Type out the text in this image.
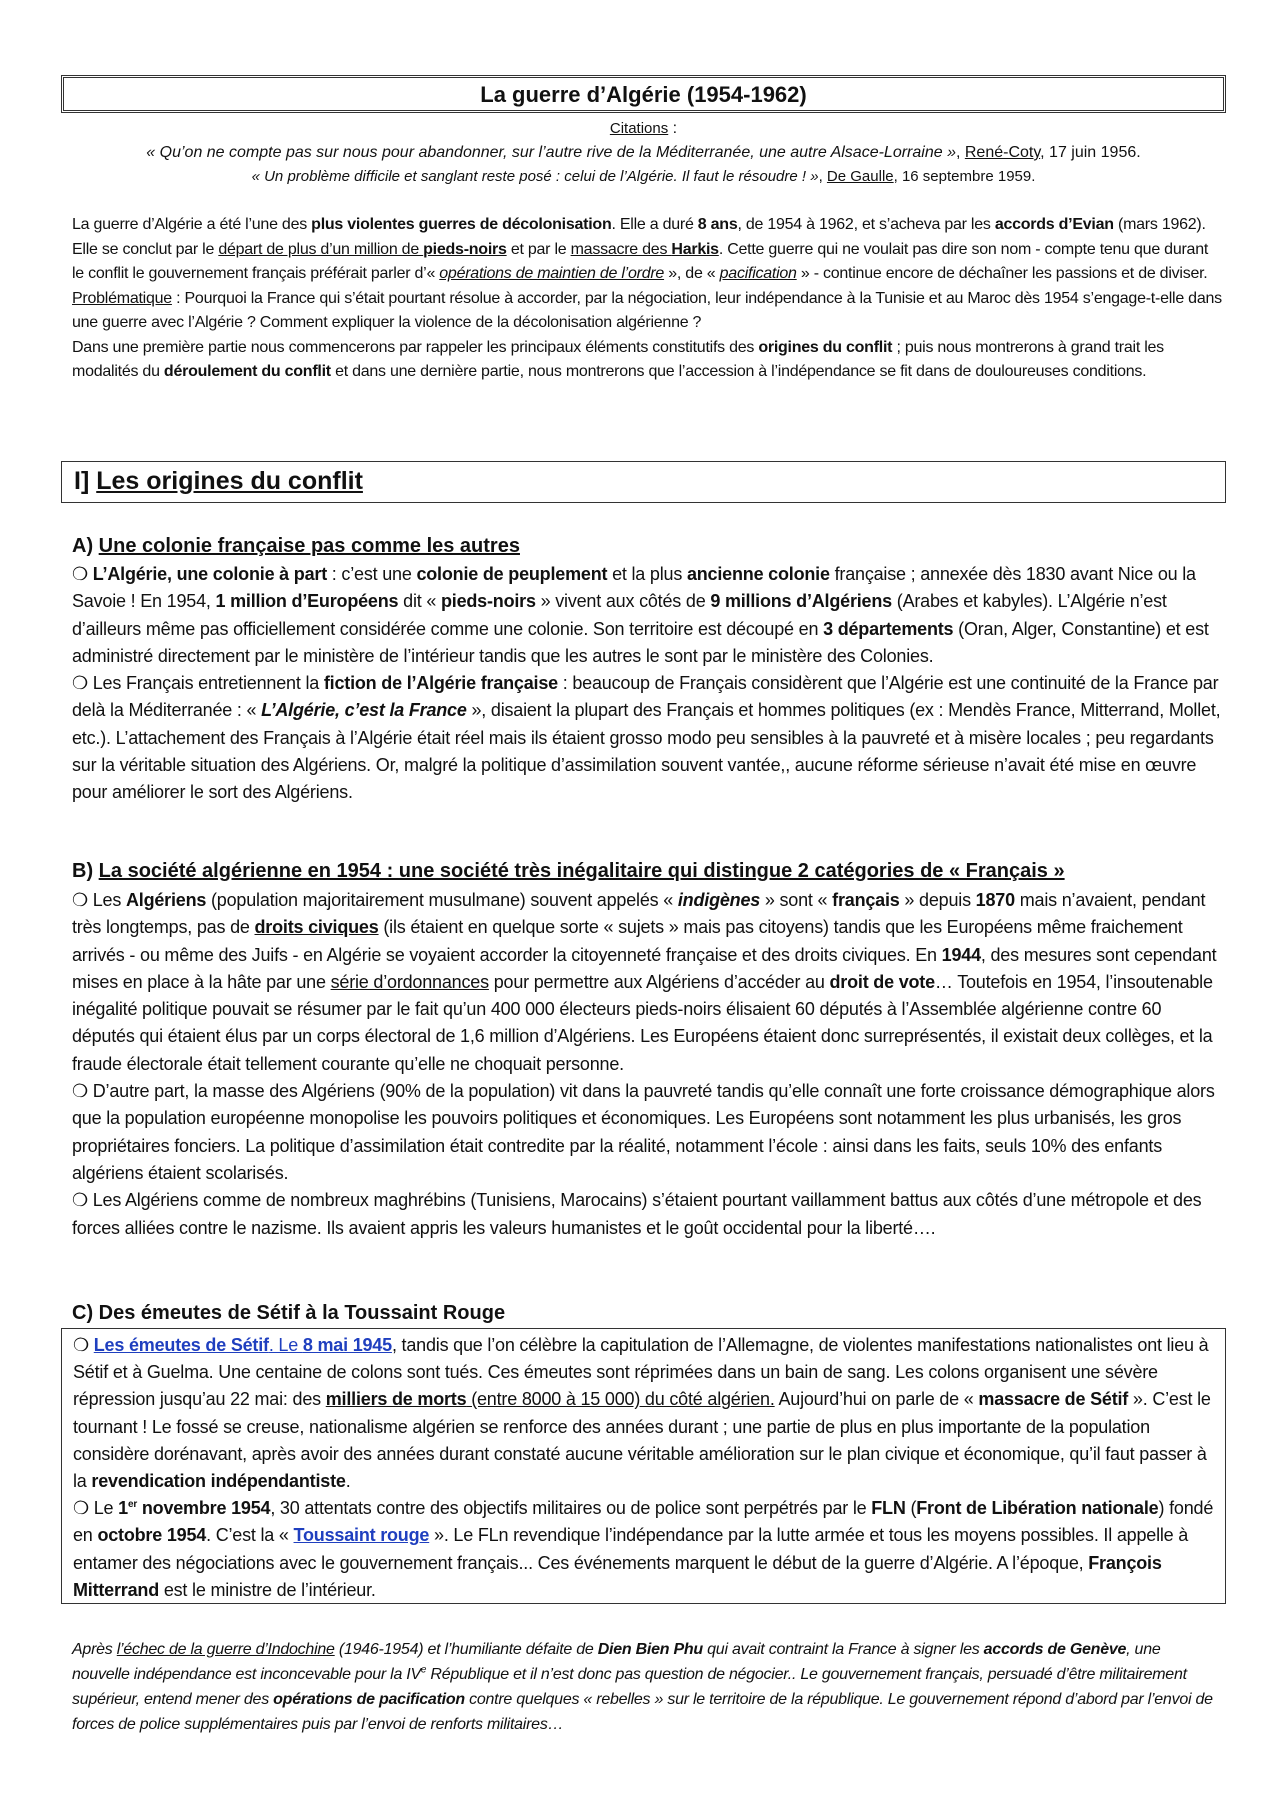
La guerre d’Algérie (1954-1962)
Citations :
« Qu’on ne compte pas sur nous pour abandonner, sur l’autre rive de la Méditerranée, une autre Alsace-Lorraine », René-Coty, 17 juin 1956.
« Un problème difficile et sanglant reste posé : celui de l’Algérie. Il faut le résoudre ! », De Gaulle, 16 septembre 1959.

La guerre d’Algérie a été l’une des plus violentes guerres de décolonisation. Elle a duré 8 ans, de 1954 à 1962, et s’acheva par les accords d’Evian (mars 1962). Elle se conclut par le départ de plus d’un million de pieds-noirs et par le massacre des Harkis. Cette guerre qui ne voulait pas dire son nom - compte tenu que durant le conflit le gouvernement français préférait parler d’« opérations de maintien de l’ordre », de « pacification » - continue encore de déchaîner les passions et de diviser.

Problématique : Pourquoi la France qui s’était pourtant résolue à accorder, par la négociation, leur indépendance à la Tunisie et au Maroc dès 1954 s’engage-t-elle dans une guerre avec l’Algérie ? Comment expliquer la violence de la décolonisation algérienne ?

Dans une première partie nous commencerons par rappeler les principaux éléments constitutifs des origines du conflit ; puis nous montrerons à grand trait les modalités du déroulement du conflit et dans une dernière partie, nous montrerons que l’accession à l’indépendance se fit dans de douloureuses conditions.

I] Les origines du conflit
A) Une colonie française pas comme les autres

❍ L’Algérie, une colonie à part : c’est une colonie de peuplement et la plus ancienne colonie française ; annexée dès 1830 avant Nice ou la Savoie ! En 1954, 1 million d’Européens dit « pieds-noirs » vivent aux côtés de 9 millions d’Algériens (Arabes et kabyles). L’Algérie n’est d’ailleurs même pas officiellement considérée comme une colonie. Son territoire est découpé en 3 départements (Oran, Alger, Constantine) et est administré directement par le ministère de l’intérieur tandis que les autres le sont par le ministère des Colonies.

❍ Les Français entretiennent la fiction de l’Algérie française : beaucoup de Français considèrent que l’Algérie est une continuité de la France par delà la Méditerranée : « L’Algérie, c’est la France », disaient la plupart des Français et hommes politiques (ex : Mendès France, Mitterrand, Mollet, etc.). L’attachement des Français à l’Algérie était réel mais ils étaient grosso modo peu sensibles à la pauvreté et à misère locales ; peu regardants sur la véritable situation des Algériens. Or, malgré la politique d’assimilation souvent vantée,, aucune réforme sérieuse n’avait été mise en œuvre pour améliorer le sort des Algériens.

B) La société algérienne en 1954 : une société très inégalitaire qui distingue 2 catégories de « Français »

❍ Les Algériens (population majoritairement musulmane) souvent appelés « indigènes » sont « français » depuis 1870 mais n’avaient, pendant très longtemps, pas de droits civiques (ils étaient en quelque sorte « sujets » mais pas citoyens) tandis que les Européens même fraichement arrivés - ou même des Juifs - en Algérie se voyaient accorder la citoyenneté française et des droits civiques. En 1944, des mesures sont cependant mises en place à la hâte par une série d’ordonnances pour permettre aux Algériens d’accéder au droit de vote… Toutefois en 1954, l’insoutenable inégalité politique pouvait se résumer par le fait qu’un 400 000 électeurs pieds-noirs élisaient 60 députés à l’Assemblée algérienne contre 60 députés qui étaient élus par un corps électoral de 1,6 million d’Algériens. Les Européens étaient donc surreprésentés, il existait deux collèges, et la fraude électorale était tellement courante qu’elle ne choquait personne.

❍ D’autre part, la masse des Algériens (90% de la population) vit dans la pauvreté tandis qu’elle connaît une forte croissance démographique alors que la population européenne monopolise les pouvoirs politiques et économiques. Les Européens sont notamment les plus urbanisés, les gros propriétaires fonciers. La politique d’assimilation était contredite par la réalité, notamment l’école : ainsi dans les faits, seuls 10% des enfants algériens étaient scolarisés.

❍ Les Algériens comme de nombreux maghrébins (Tunisiens, Marocains) s’étaient pourtant vaillamment battus aux côtés d’une métropole et des forces alliées contre le nazisme. Ils avaient appris les valeurs humanistes et le goût occidental pour la liberté….

C) Des émeutes de Sétif à la Toussaint Rouge

❍ Les émeutes de Sétif. Le 8 mai 1945, tandis que l’on célèbre la capitulation de l’Allemagne, de violentes manifestations nationalistes ont lieu à Sétif et à Guelma. Une centaine de colons sont tués. Ces émeutes sont réprimées dans un bain de sang. Les colons organisent une sévère répression jusqu’au 22 mai: des milliers de morts (entre 8000 à 15 000) du côté algérien. Aujourd’hui on parle de « massacre de Sétif ». C’est le tournant ! Le fossé se creuse, nationalisme algérien se renforce des années durant ; une partie de plus en plus importante de la population considère dorénavant, après avoir des années durant constaté aucune véritable amélioration sur le plan civique et économique, qu’il faut passer à la revendication indépendantiste.

❍ Le 1er novembre 1954, 30 attentats contre des objectifs militaires ou de police sont perpétrés par le FLN (Front de Libération nationale) fondé en octobre 1954. C’est la « Toussaint rouge ». Le FLn revendique l’indépendance par la lutte armée et tous les moyens possibles. Il appelle à entamer des négociations avec le gouvernement français... Ces événements marquent le début de la guerre d’Algérie. A l’époque, François Mitterrand est le ministre de l’intérieur.

Après l’échec de la guerre d’Indochine (1946-1954) et l’humiliante défaite de Dien Bien Phu qui avait contraint la France à signer les accords de Genève, une nouvelle indépendance est inconcevable pour la IVe République et il n’est donc pas question de négocier.. Le gouvernement français, persuadé d’être militairement supérieur, entend mener des opérations de pacification contre quelques « rebelles » sur le territoire de la république. Le gouvernement répond d’abord par l’envoi de forces de police supplémentaires puis par l’envoi de renforts militaires…
